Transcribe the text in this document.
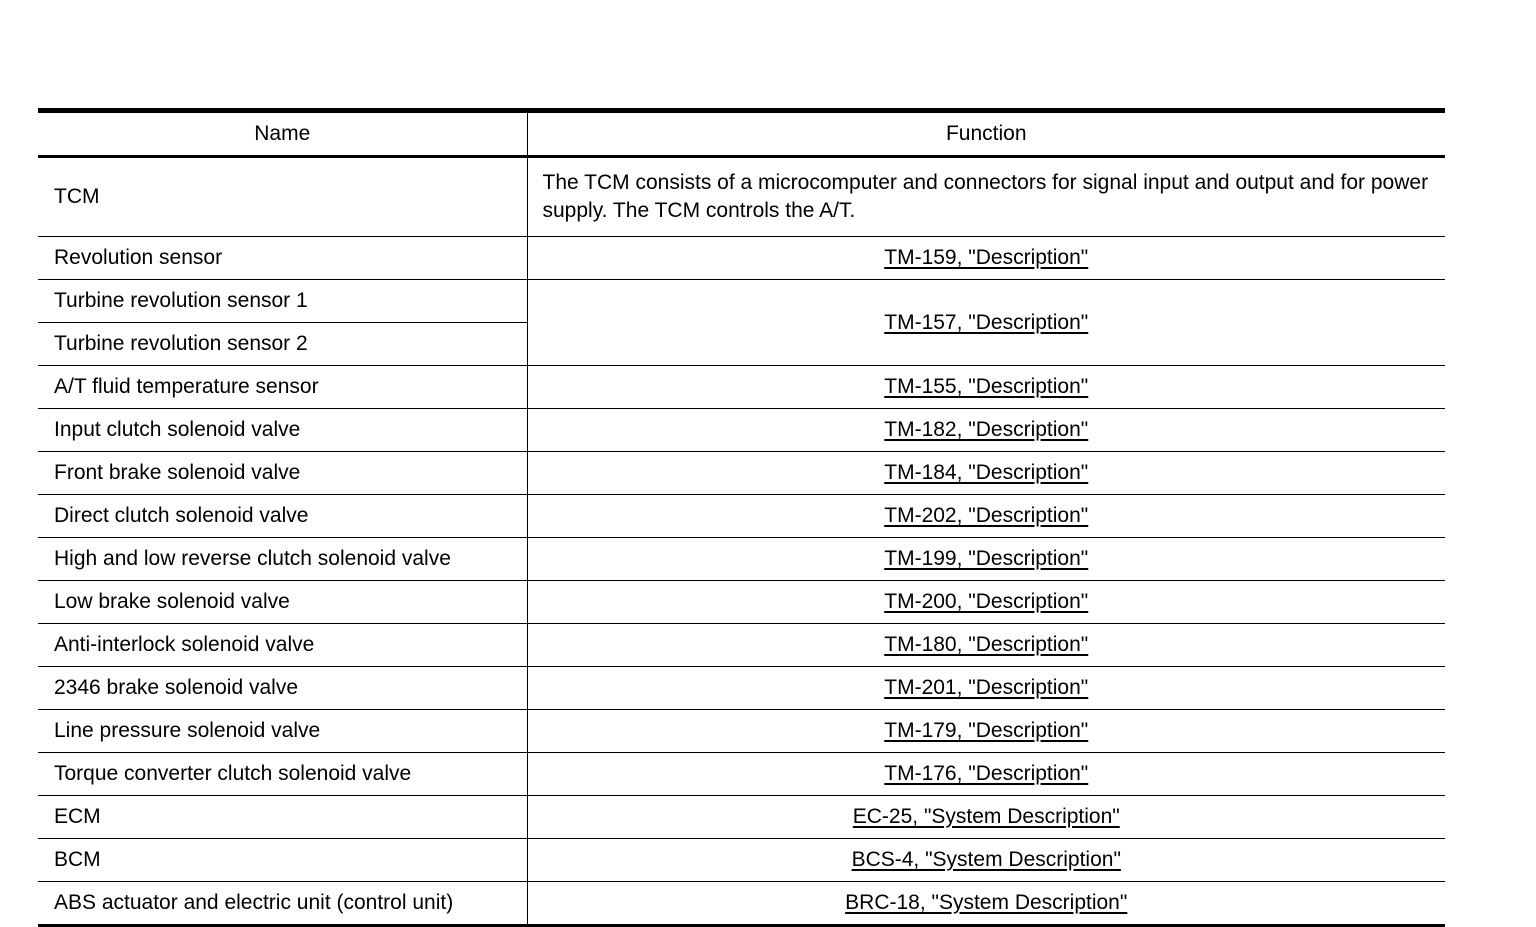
Name	Function
TCM	The TCM consists of a microcomputer and connectors for signal input and output and for power supply. The TCM controls the A/T.
Revolution sensor	TM-159, "Description"
Turbine revolution sensor 1	TM-157, "Description"
Turbine revolution sensor 2	
A/T fluid temperature sensor	TM-155, "Description"
Input clutch solenoid valve	TM-182, "Description"
Front brake solenoid valve	TM-184, "Description"
Direct clutch solenoid valve	TM-202, "Description"
High and low reverse clutch solenoid valve	TM-199, "Description"
Low brake solenoid valve	TM-200, "Description"
Anti-interlock solenoid valve	TM-180, "Description"
2346 brake solenoid valve	TM-201, "Description"
Line pressure solenoid valve	TM-179, "Description"
Torque converter clutch solenoid valve	TM-176, "Description"
ECM	EC-25, "System Description"
BCM	BCS-4, "System Description"
ABS actuator and electric unit (control unit)	BRC-18, "System Description"
